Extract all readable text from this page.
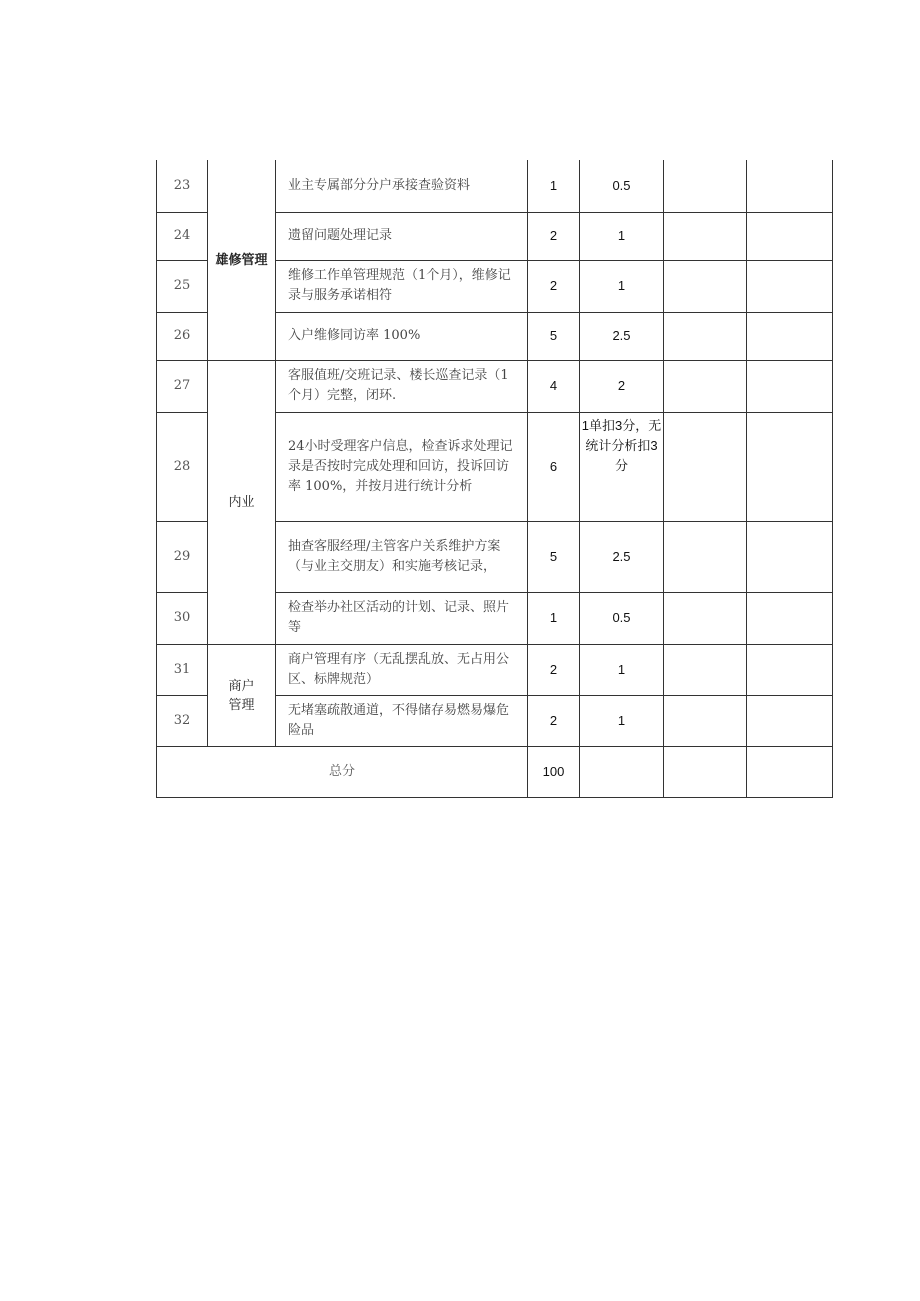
23	雄修管理	业主专属部分分户承接查验资料	1	0.5		
24		遗留问题处理记录	2	1		
25		维修工作单管理规范（1个月），维修记录与服务承诺相符	2	1		
26		入户维修同访率 100%	5	2.5		
27	内业	客服值班/交班记录、楼长巡查记录（1个月）完整，闭环.	4	2		
28		24小时受理客户信息，检查诉求处理记录是否按时完成处理和回访，投诉回访率 100%，并按月进行统计分析	6	1单扣3分，无统计分析扣3分		
29		抽查客服经理/主管客户关系维护方案（与业主交朋友）和实施考核记录，	5	2.5		
30		检查举办社区活动的计划、记录、照片等	1	0.5		
31	商户管理	商户管理有序（无乱摆乱放、无占用公区、标牌规范）	2	1		
32		无堵塞疏散通道，不得储存易燃易爆危险品	2	1		
总分			100			
